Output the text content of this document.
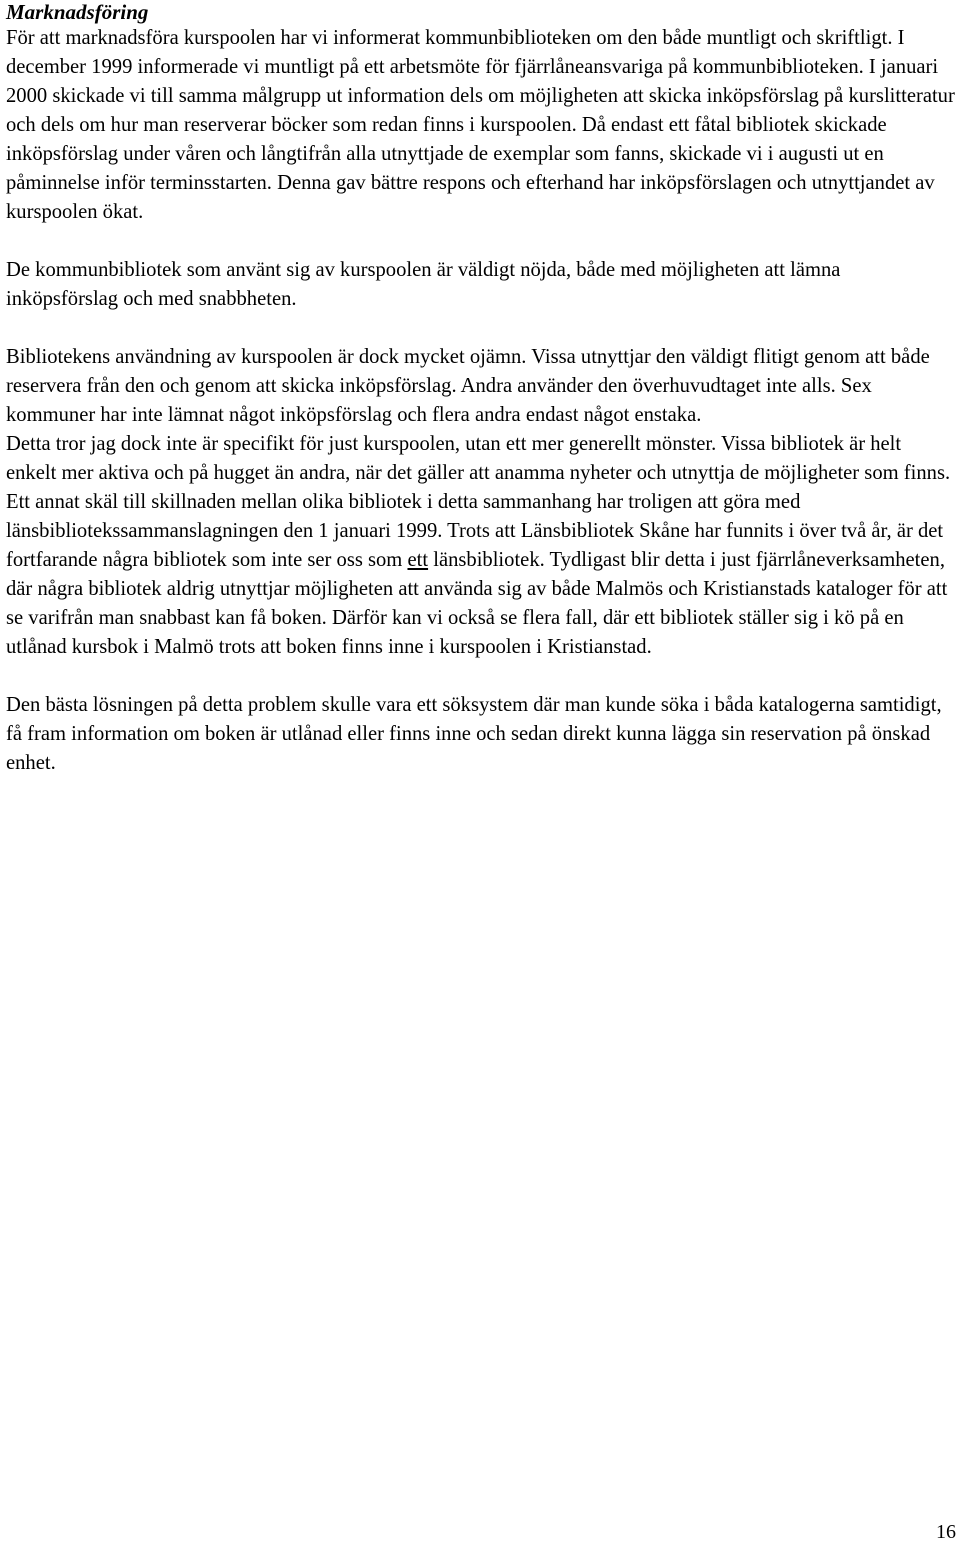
Marknadsföring

För att marknadsföra kurspoolen har vi informerat kommunbiblioteken om den både muntligt och skriftligt. I december 1999 informerade vi muntligt på ett arbetsmöte för fjärrlåneansvariga på kommunbiblioteken. I januari 2000 skickade vi till samma målgrupp ut information dels om möjligheten att skicka inköpsförslag på kurslitteratur och dels om hur man reserverar böcker som redan finns i kurspoolen. Då endast ett fåtal bibliotek skickade inköpsförslag under våren och långtifrån alla utnyttjade de exemplar som fanns, skickade vi i augusti ut en påminnelse inför terminsstarten. Denna gav bättre respons och efterhand har inköpsförslagen och utnyttjandet av kurspoolen ökat.

De kommunbibliotek som använt sig av kurspoolen är väldigt nöjda, både med möjligheten att lämna inköpsförslag och med snabbheten.

Bibliotekens användning av kurspoolen är dock mycket ojämn. Vissa utnyttjar den väldigt flitigt genom att både reservera från den och genom att skicka inköpsförslag. Andra använder den överhuvudtaget inte alls. Sex kommuner har inte lämnat något inköpsförslag och flera andra endast något enstaka.

Detta tror jag dock inte är specifikt för just kurspoolen, utan ett mer generellt mönster. Vissa bibliotek är helt enkelt mer aktiva och på hugget än andra, när det gäller att anamma nyheter och utnyttja de möjligheter som finns.

Ett annat skäl till skillnaden mellan olika bibliotek i detta sammanhang har troligen att göra med länsbibliotekssammanslagningen den 1 januari 1999. Trots att Länsbibliotek Skåne har funnits i över två år, är det fortfarande några bibliotek som inte ser oss som ett länsbibliotek. Tydligast blir detta i just fjärrlåneverksamheten, där några bibliotek aldrig utnyttjar möjligheten att använda sig av både Malmös och Kristianstads kataloger för att se varifrån man snabbast kan få boken. Därför kan vi också se flera fall, där ett bibliotek ställer sig i kö på en utlånad kursbok i Malmö trots att boken finns inne i kurspoolen i Kristianstad.

Den bästa lösningen på detta problem skulle vara ett söksystem där man kunde söka i båda katalogerna samtidigt, få fram information om boken är utlånad eller finns inne och sedan direkt kunna lägga sin reservation på önskad enhet.

16
